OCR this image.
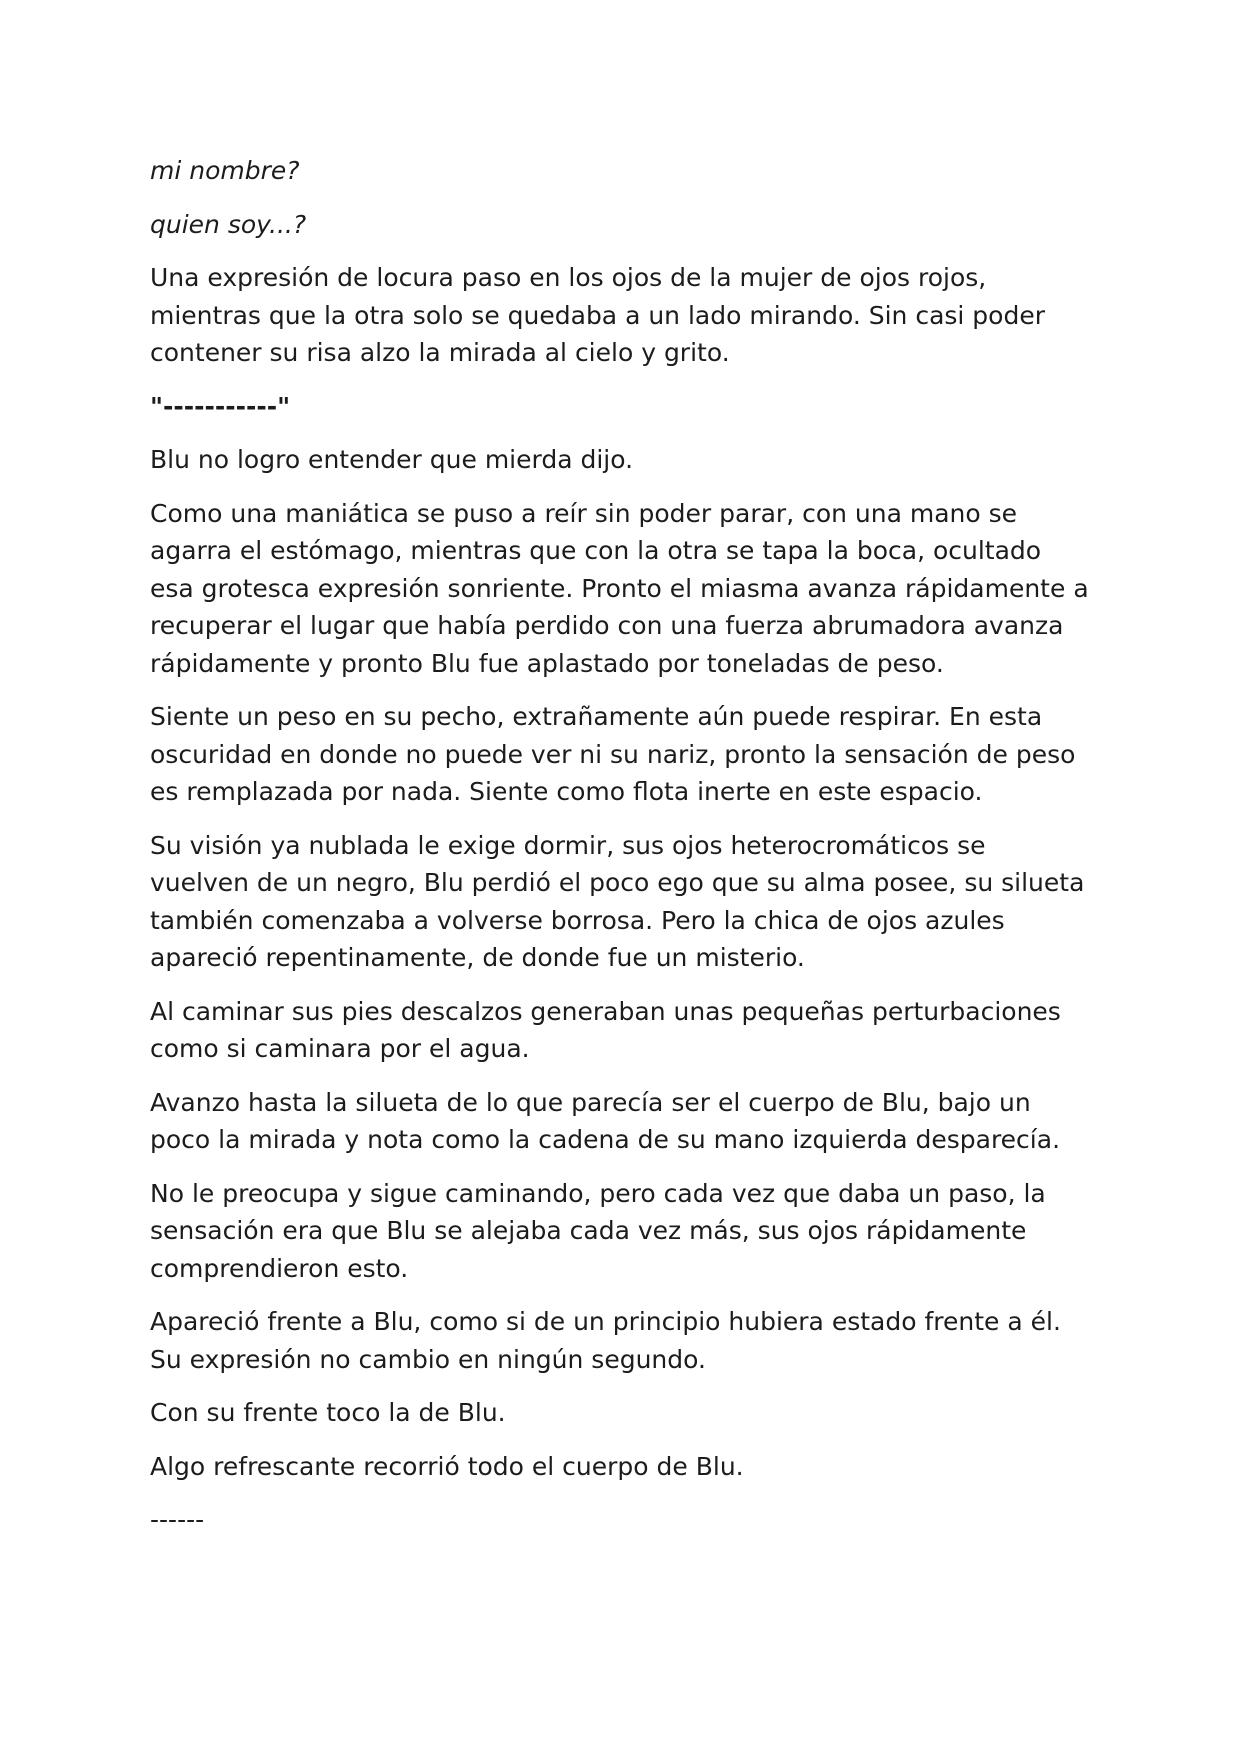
mi nombre?

quien soy...?

Una expresión de locura paso en los ojos de la mujer de ojos rojos, mientras que la otra solo se quedaba a un lado mirando. Sin casi poder contener su risa alzo la mirada al cielo y grito.

"-----------"

Blu no logro entender que mierda dijo.

Como una maniática se puso a reír sin poder parar, con una mano se agarra el estómago, mientras que con la otra se tapa la boca, ocultado esa grotesca expresión sonriente. Pronto el miasma avanza rápidamente a recuperar el lugar que había perdido con una fuerza abrumadora avanza rápidamente y pronto Blu fue aplastado por toneladas de peso.

Siente un peso en su pecho, extrañamente aún puede respirar. En esta oscuridad en donde no puede ver ni su nariz, pronto la sensación de peso es remplazada por nada. Siente como flota inerte en este espacio.

Su visión ya nublada le exige dormir, sus ojos heterocromáticos se vuelven de un negro, Blu perdió el poco ego que su alma posee, su silueta también comenzaba a volverse borrosa. Pero la chica de ojos azules apareció repentinamente, de donde fue un misterio.

Al caminar sus pies descalzos generaban unas pequeñas perturbaciones como si caminara por el agua.

Avanzo hasta la silueta de lo que parecía ser el cuerpo de Blu, bajo un poco la mirada y nota como la cadena de su mano izquierda desparecía.

No le preocupa y sigue caminando, pero cada vez que daba un paso, la sensación era que Blu se alejaba cada vez más, sus ojos rápidamente comprendieron esto.

Apareció frente a Blu, como si de un principio hubiera estado frente a él. Su expresión no cambio en ningún segundo.

Con su frente toco la de Blu.

Algo refrescante recorrió todo el cuerpo de Blu.

------
